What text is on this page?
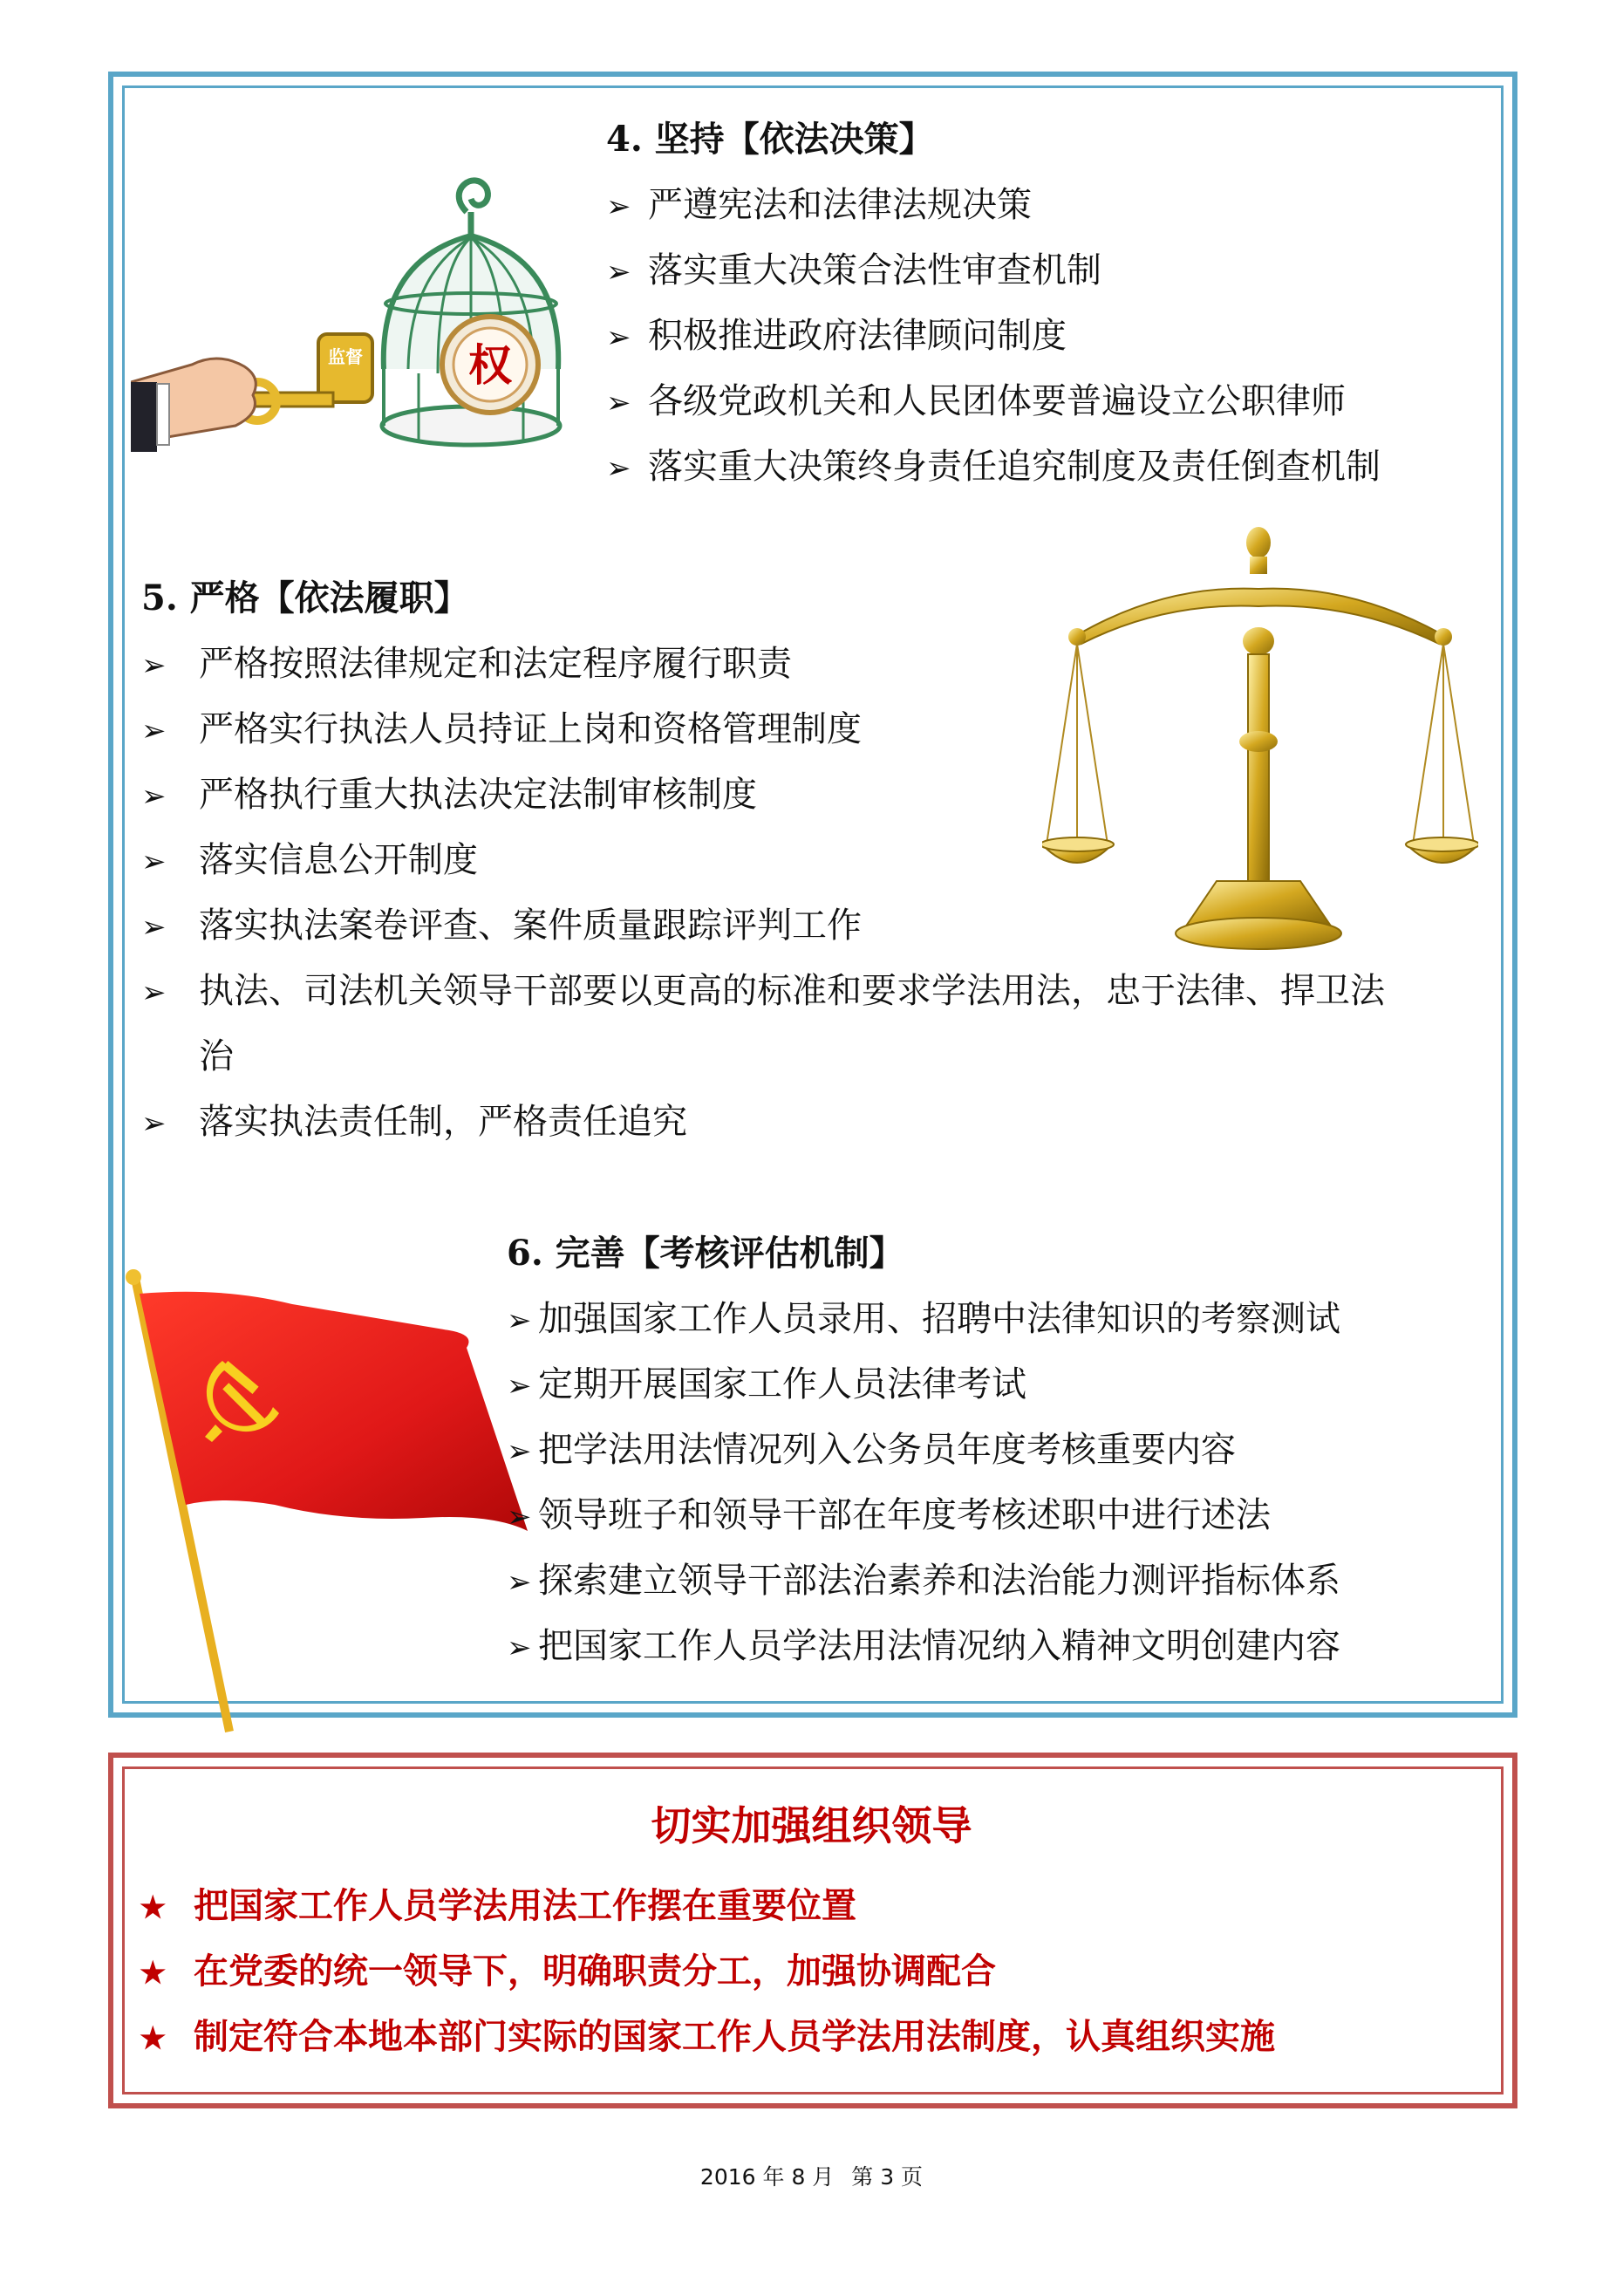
权
监督
4. 坚持【依法决策】
➢ 严遵宪法和法律法规决策
➢ 落实重大决策合法性审查机制
➢ 积极推进政府法律顾问制度
➢ 各级党政机关和人民团体要普遍设立公职律师
➢ 落实重大决策终身责任追究制度及责任倒查机制
5. 严格【依法履职】
➢ 严格按照法律规定和法定程序履行职责
➢ 严格实行执法人员持证上岗和资格管理制度
➢ 严格执行重大执法决定法制审核制度
➢ 落实信息公开制度
➢ 落实执法案卷评查、案件质量跟踪评判工作
➢ 执法、司法机关领导干部要以更高的标准和要求学法用法，忠于法律、捍卫法
治
➢ 落实执法责任制，严格责任追究
6. 完善【考核评估机制】
➢ 加强国家工作人员录用、招聘中法律知识的考察测试
➢ 定期开展国家工作人员法律考试
➢ 把学法用法情况列入公务员年度考核重要内容
➢ 领导班子和领导干部在年度考核述职中进行述法
➢ 探索建立领导干部法治素养和法治能力测评指标体系
➢ 把国家工作人员学法用法情况纳入精神文明创建内容
切实加强组织领导
★ 把国家工作人员学法用法工作摆在重要位置
★ 在党委的统一领导下，明确职责分工，加强协调配合
★ 制定符合本地本部门实际的国家工作人员学法用法制度，认真组织实施
2016 年 8 月 第 3 页
